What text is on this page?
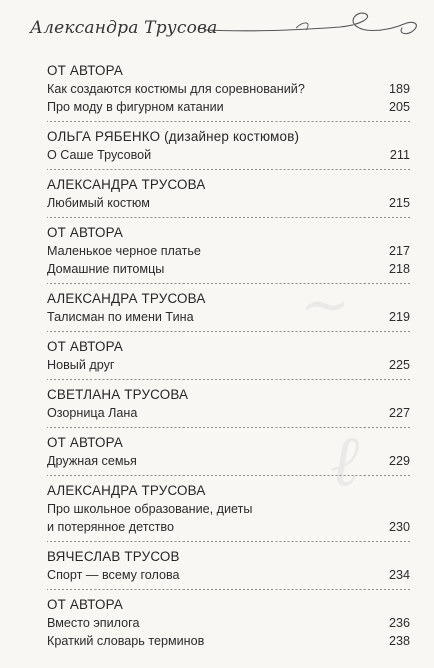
Александра Трусова
~
ℓ
ОТ АВТОРА
Как создаются костюмы для соревнований?	189
Про моду в фигурном катании	205
ОЛЬГА РЯБЕНКО (дизайнер костюмов)
О Саше Трусовой	211
АЛЕКСАНДРА ТРУСОВА
Любимый костюм	215
ОТ АВТОРА
Маленькое черное платье	217
Домашние питомцы	218
АЛЕКСАНДРА ТРУСОВА
Талисман по имени Тина	219
ОТ АВТОРА
Новый друг	225
СВЕТЛАНА ТРУСОВА
Озорница Лана	227
ОТ АВТОРА
Дружная семья	229
АЛЕКСАНДРА ТРУСОВА
Про школьное образование, диеты
и потерянное детство	230
ВЯЧЕСЛАВ ТРУСОВ
Спорт — всему голова	234
ОТ АВТОРА
Вместо эпилога	236
Краткий словарь терминов	238
